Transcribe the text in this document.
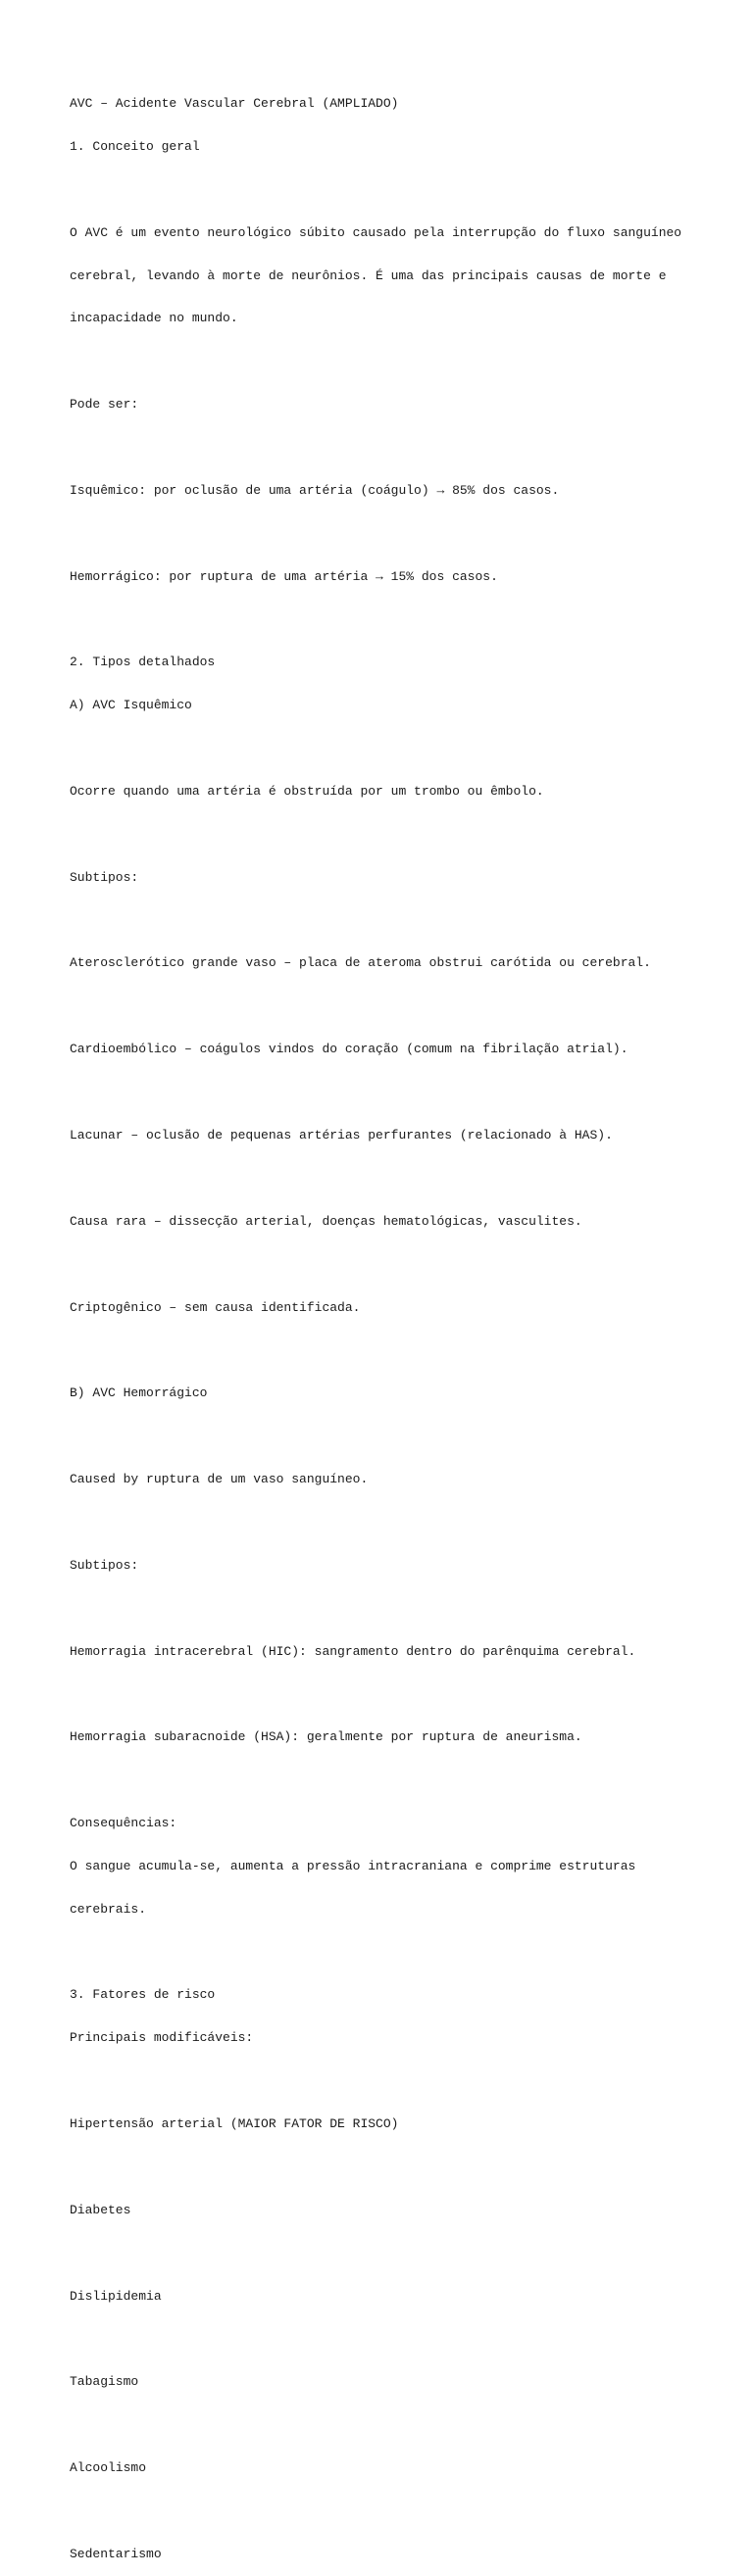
AVC – Acidente Vascular Cerebral (AMPLIADO)

1. Conceito geral

O AVC é um evento neurológico súbito causado pela interrupção do fluxo sanguíneo

cerebral, levando à morte de neurônios. É uma das principais causas de morte e

incapacidade no mundo.

Pode ser:

Isquêmico: por oclusão de uma artéria (coágulo) → 85% dos casos.

Hemorrágico: por ruptura de uma artéria → 15% dos casos.

2. Tipos detalhados

A) AVC Isquêmico

Ocorre quando uma artéria é obstruída por um trombo ou êmbolo.

Subtipos:

Aterosclerótico grande vaso – placa de ateroma obstrui carótida ou cerebral.

Cardioembólico – coágulos vindos do coração (comum na fibrilação atrial).

Lacunar – oclusão de pequenas artérias perfurantes (relacionado à HAS).

Causa rara – dissecção arterial, doenças hematológicas, vasculites.

Criptogênico – sem causa identificada.

B) AVC Hemorrágico

Caused by ruptura de um vaso sanguíneo.

Subtipos:

Hemorragia intracerebral (HIC): sangramento dentro do parênquima cerebral.

Hemorragia subaracnoide (HSA): geralmente por ruptura de aneurisma.

Consequências:

O sangue acumula-se, aumenta a pressão intracraniana e comprime estruturas

cerebrais.

3. Fatores de risco

Principais modificáveis:

Hipertensão arterial (MAIOR FATOR DE RISCO)

Diabetes

Dislipidemia

Tabagismo

Alcoolismo

Sedentarismo
